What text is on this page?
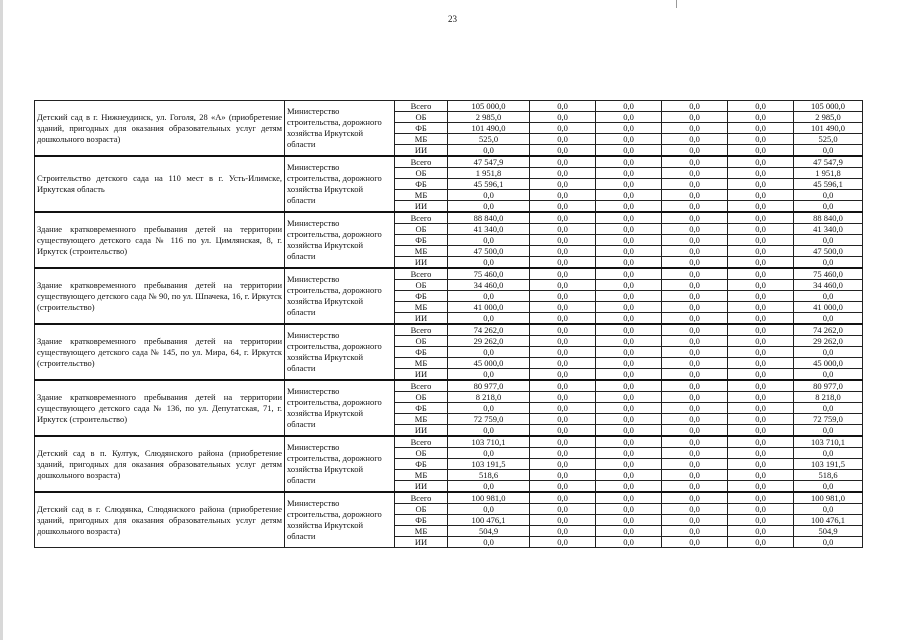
23
Детский сад в г. Нижнеудинск, ул. Гоголя, 28 «А» (приобретение зданий, пригодных для оказания образовательных услуг детям дошкольного возраста)	Министерство строительства, дорожного хозяйства Иркутской области	Всего	105 000,0	0,0	0,0	0,0	0,0	105 000,0
		ОБ	2 985,0	0,0	0,0	0,0	0,0	2 985,0
		ФБ	101 490,0	0,0	0,0	0,0	0,0	101 490,0
		МБ	525,0	0,0	0,0	0,0	0,0	525,0
		ИИ	0,0	0,0	0,0	0,0	0,0	0,0
Строительство детского сада на 110 мест в г. Усть-Илимске, Иркутская область	Министерство строительства, дорожного хозяйства Иркутской области	Всего	47 547,9	0,0	0,0	0,0	0,0	47 547,9
		ОБ	1 951,8	0,0	0,0	0,0	0,0	1 951,8
		ФБ	45 596,1	0,0	0,0	0,0	0,0	45 596,1
		МБ	0,0	0,0	0,0	0,0	0,0	0,0
		ИИ	0,0	0,0	0,0	0,0	0,0	0,0
Здание кратковременного пребывания детей на территории существующего детского сада № 116 по ул. Цимлянская, 8, г. Иркутск (строительство)	Министерство строительства, дорожного хозяйства Иркутской области	Всего	88 840,0	0,0	0,0	0,0	0,0	88 840,0
		ОБ	41 340,0	0,0	0,0	0,0	0,0	41 340,0
		ФБ	0,0	0,0	0,0	0,0	0,0	0,0
		МБ	47 500,0	0,0	0,0	0,0	0,0	47 500,0
		ИИ	0,0	0,0	0,0	0,0	0,0	0,0
Здание кратковременного пребывания детей на территории существующего детского сада № 90, по ул. Шпачека, 16, г. Иркутск (строительство)	Министерство строительства, дорожного хозяйства Иркутской области	Всего	75 460,0	0,0	0,0	0,0	0,0	75 460,0
		ОБ	34 460,0	0,0	0,0	0,0	0,0	34 460,0
		ФБ	0,0	0,0	0,0	0,0	0,0	0,0
		МБ	41 000,0	0,0	0,0	0,0	0,0	41 000,0
		ИИ	0,0	0,0	0,0	0,0	0,0	0,0
Здание кратковременного пребывания детей на территории существующего детского сада № 145, по ул. Мира, 64, г. Иркутск (строительство)	Министерство строительства, дорожного хозяйства Иркутской области	Всего	74 262,0	0,0	0,0	0,0	0,0	74 262,0
		ОБ	29 262,0	0,0	0,0	0,0	0,0	29 262,0
		ФБ	0,0	0,0	0,0	0,0	0,0	0,0
		МБ	45 000,0	0,0	0,0	0,0	0,0	45 000,0
		ИИ	0,0	0,0	0,0	0,0	0,0	0,0
Здание кратковременного пребывания детей на территории существующего детского сада № 136, по ул. Депутатская, 71, г. Иркутск (строительство)	Министерство строительства, дорожного хозяйства Иркутской области	Всего	80 977,0	0,0	0,0	0,0	0,0	80 977,0
		ОБ	8 218,0	0,0	0,0	0,0	0,0	8 218,0
		ФБ	0,0	0,0	0,0	0,0	0,0	0,0
		МБ	72 759,0	0,0	0,0	0,0	0,0	72 759,0
		ИИ	0,0	0,0	0,0	0,0	0,0	0,0
Детский сад в п. Култук, Слюдянского района (приобретение зданий, пригодных для оказания образовательных услуг детям дошкольного возраста)	Министерство строительства, дорожного хозяйства Иркутской области	Всего	103 710,1	0,0	0,0	0,0	0,0	103 710,1
		ОБ	0,0	0,0	0,0	0,0	0,0	0,0
		ФБ	103 191,5	0,0	0,0	0,0	0,0	103 191,5
		МБ	518,6	0,0	0,0	0,0	0,0	518,6
		ИИ	0,0	0,0	0,0	0,0	0,0	0,0
Детский сад в г. Слюдянка, Слюдянского района (приобретение зданий, пригодных для оказания образовательных услуг детям дошкольного возраста)	Министерство строительства, дорожного хозяйства Иркутской области	Всего	100 981,0	0,0	0,0	0,0	0,0	100 981,0
		ОБ	0,0	0,0	0,0	0,0	0,0	0,0
		ФБ	100 476,1	0,0	0,0	0,0	0,0	100 476,1
		МБ	504,9	0,0	0,0	0,0	0,0	504,9
		ИИ	0,0	0,0	0,0	0,0	0,0	0,0
